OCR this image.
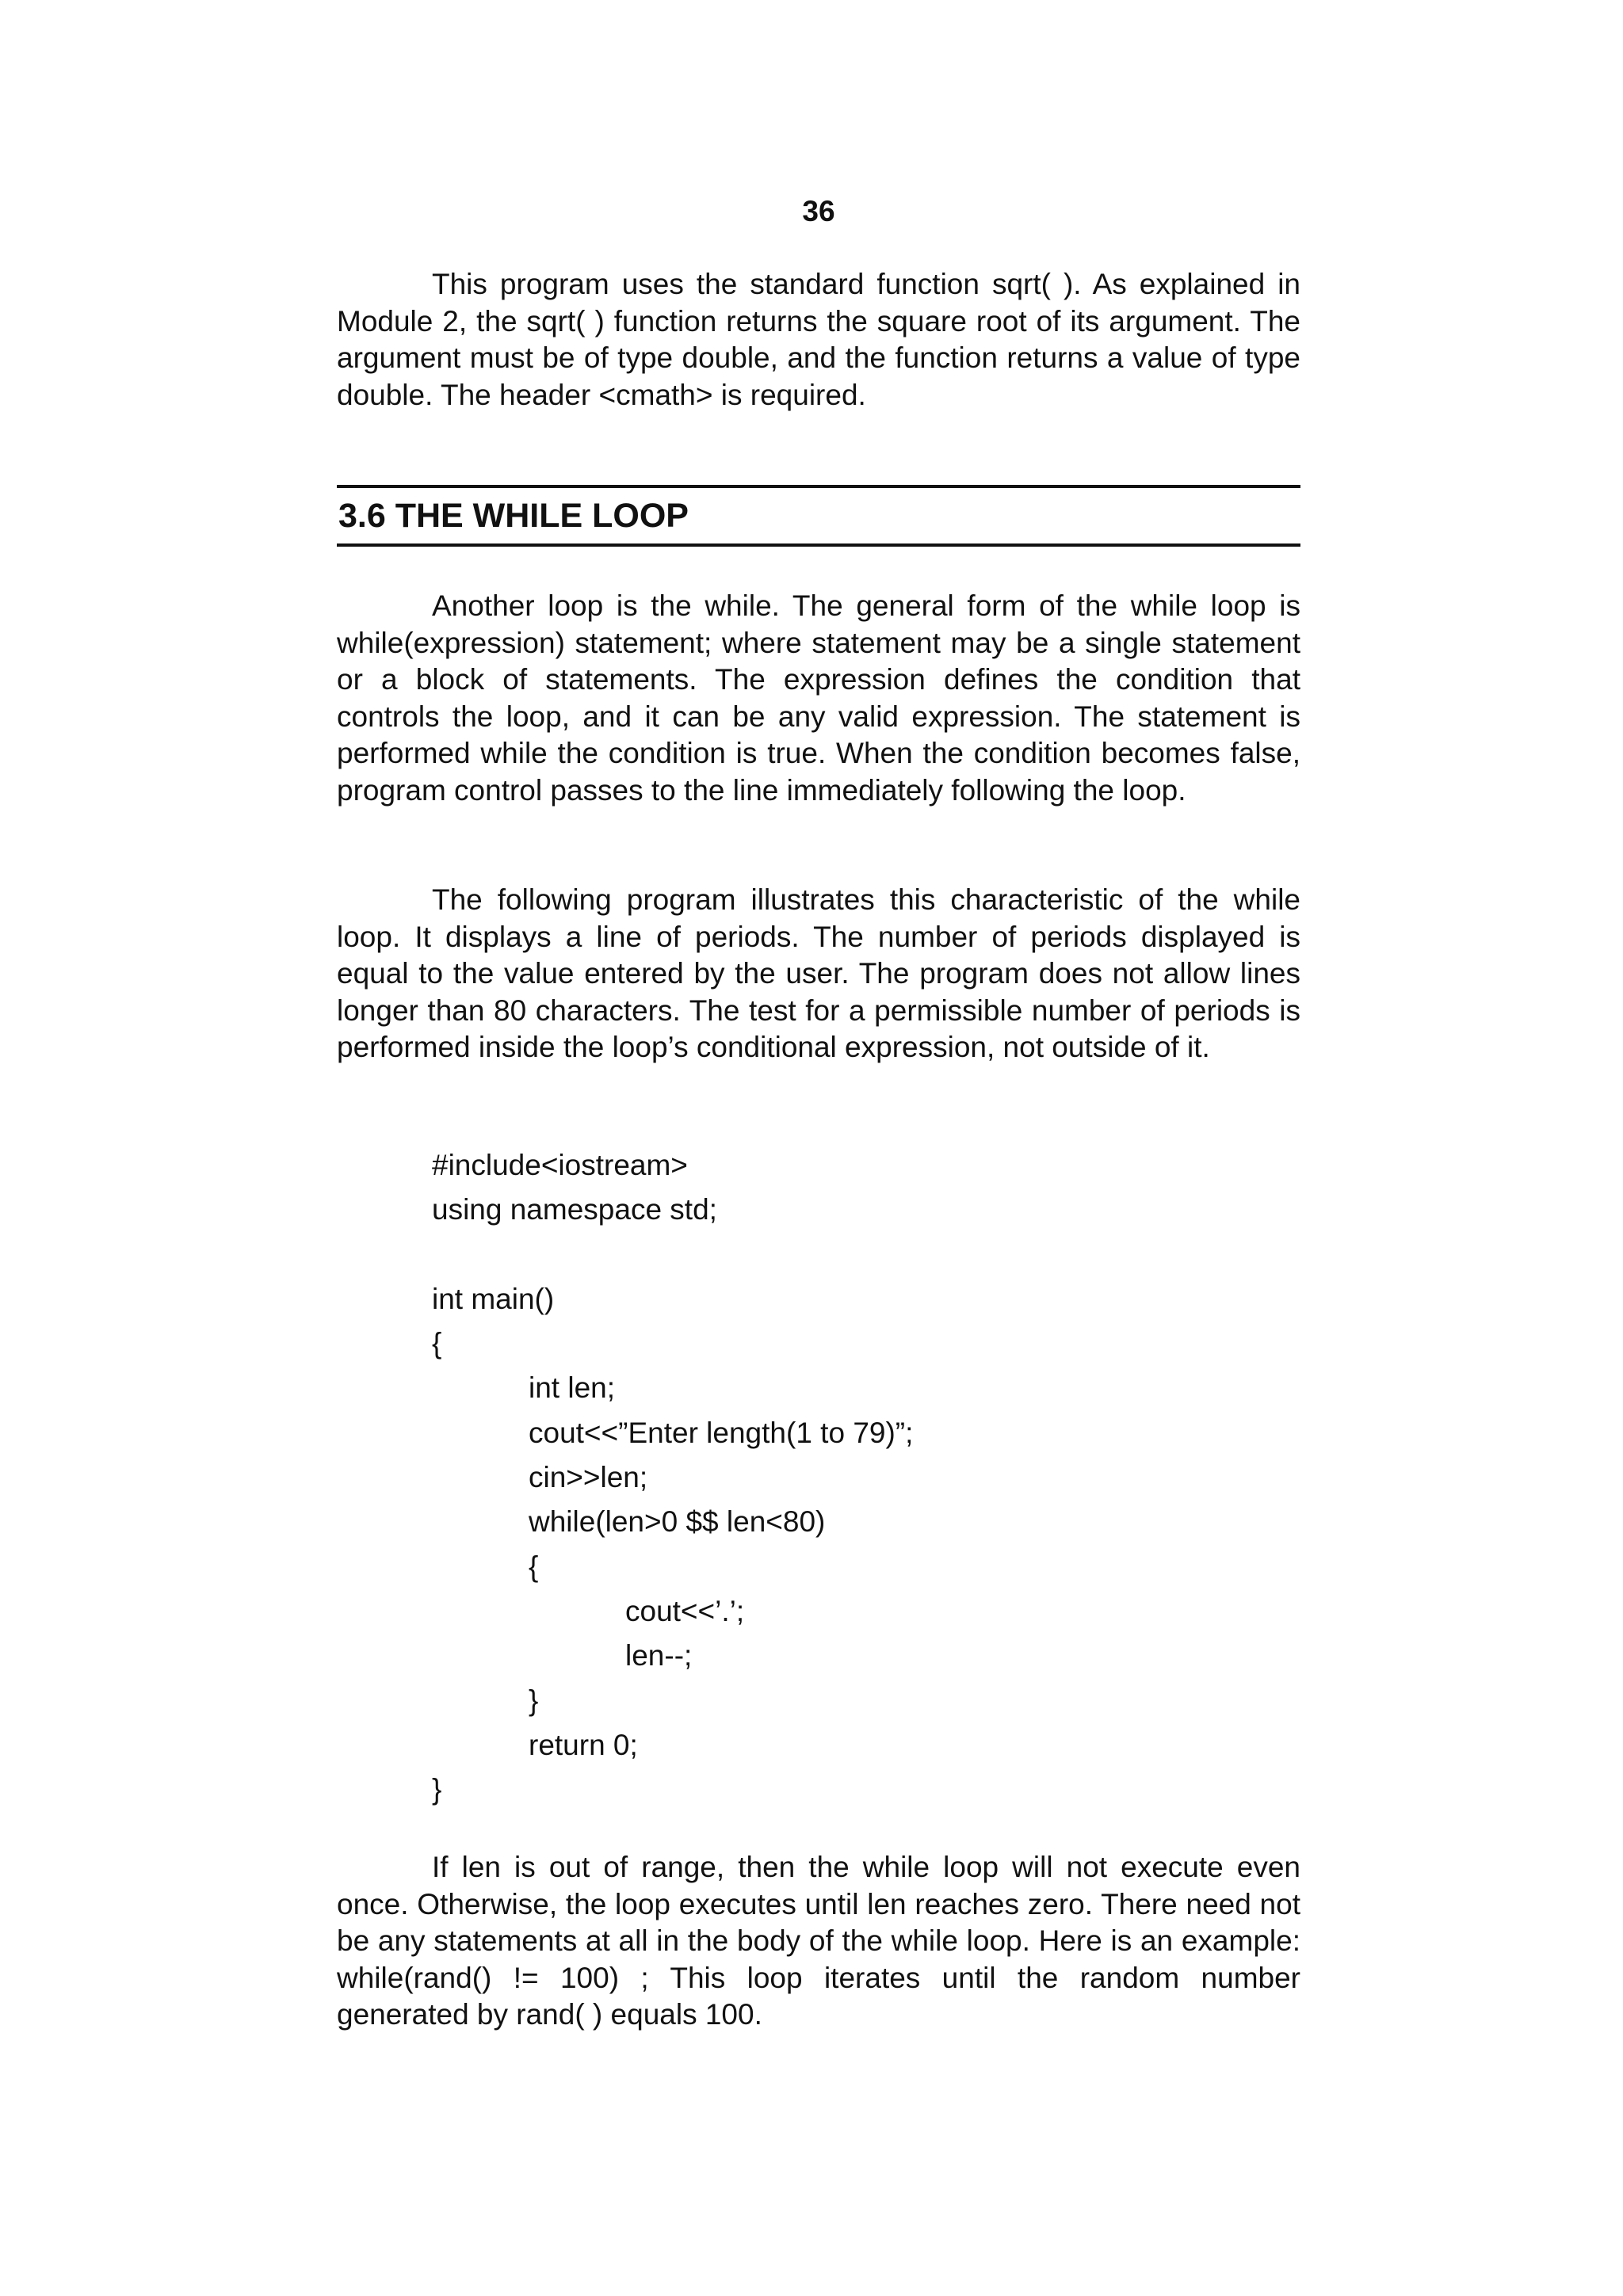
36

This program uses the standard function sqrt( ). As explained in Module 2, the sqrt( ) function returns the square root of its argument. The argument must be of type double, and the function returns a value of type double. The header <cmath> is required.

3.6 THE WHILE LOOP

Another loop is the while. The general form of the while loop is while(expression) statement; where statement may be a single statement or a block of statements. The expression defines the condition that controls the loop, and it can be any valid expression. The statement is performed while the condition is true. When the condition becomes false, program control passes to the line immediately following the loop.

The following program illustrates this characteristic of the while loop. It displays a line of periods. The number of periods displayed is equal to the value entered by the user. The program does not allow lines longer than 80 characters. The test for a permissible number of periods is performed inside the loop’s conditional expression, not outside of it.

#include<iostream>
using namespace std;
int main()
{
int len;
cout<<”Enter length(1 to 79)”;
cin>>len;
while(len>0 $$ len<80)
{
cout<<’.’;
len--;
}
return 0;
}

If len is out of range, then the while loop will not execute even once. Otherwise, the loop executes until len reaches zero. There need not be any statements at all in the body of the while loop. Here is an example: while(rand() != 100) ; This loop iterates until the random number generated by rand( ) equals 100.
